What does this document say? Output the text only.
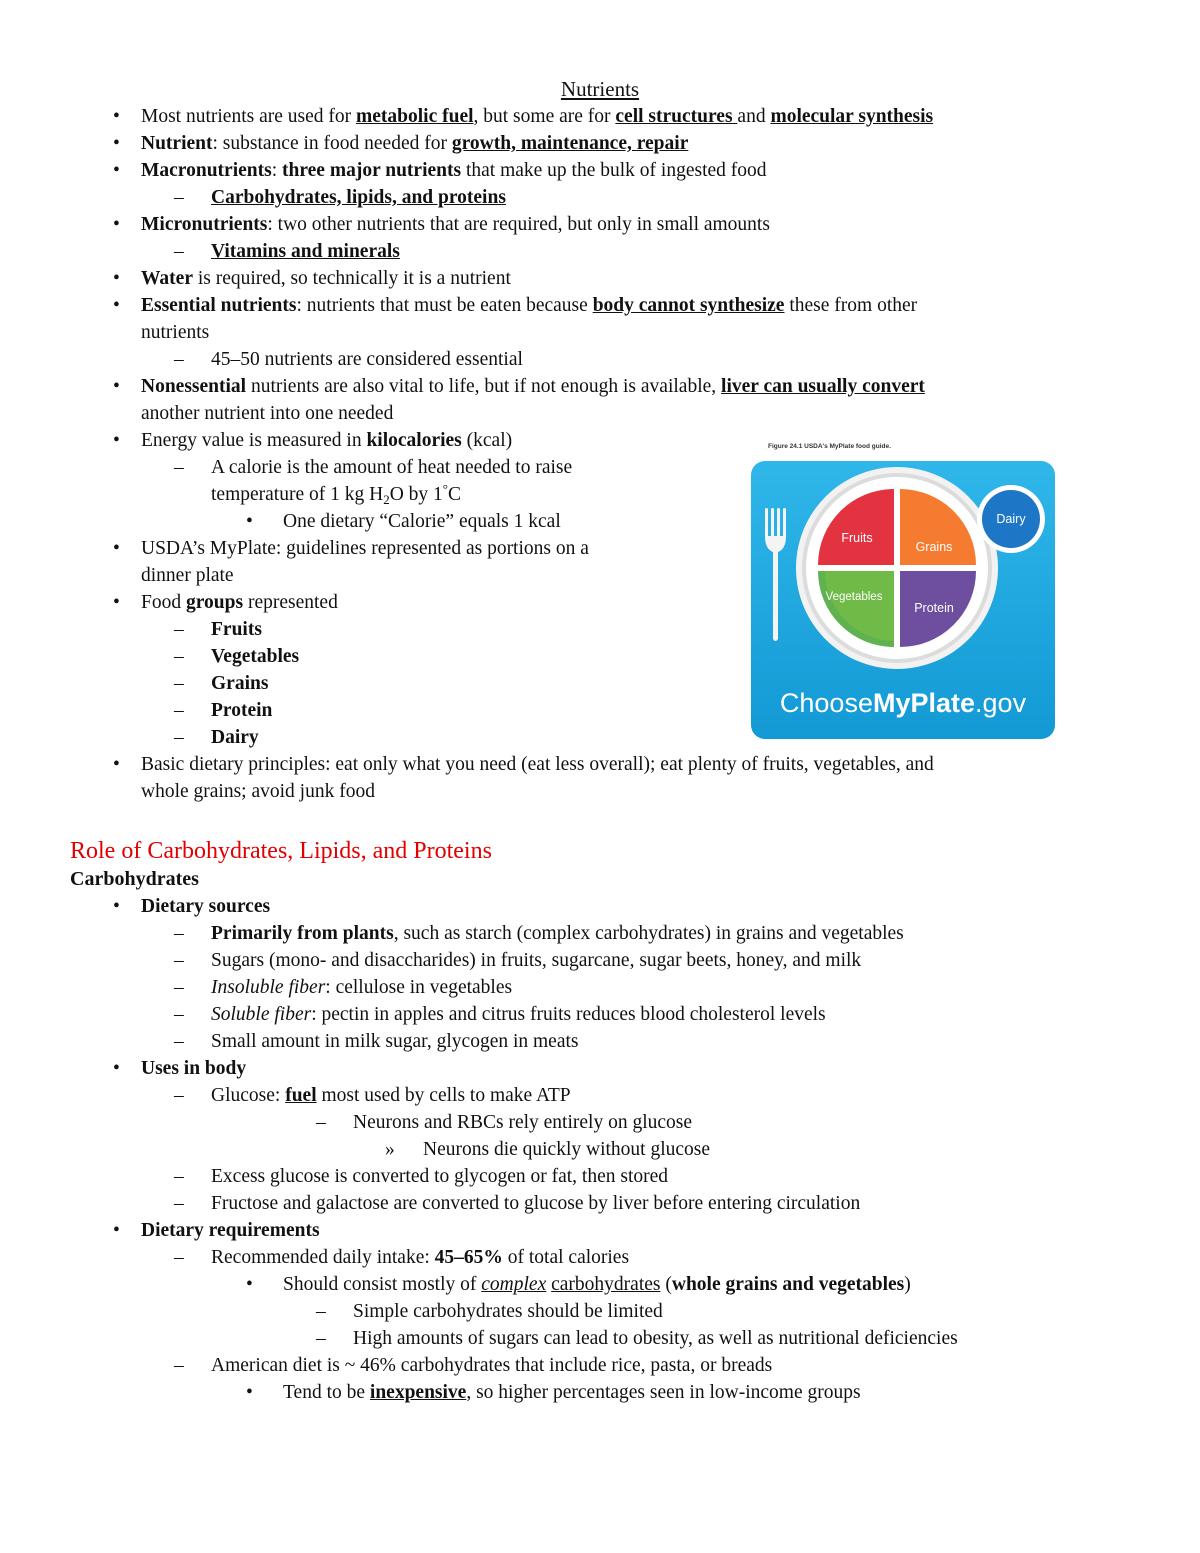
Nutrients
• Most nutrients are used for metabolic fuel, but some are for cell structures and molecular synthesis
• Nutrient: substance in food needed for growth, maintenance, repair
• Macronutrients: three major nutrients that make up the bulk of ingested food
– Carbohydrates, lipids, and proteins
• Micronutrients: two other nutrients that are required, but only in small amounts
– Vitamins and minerals
• Water is required, so technically it is a nutrient
• Essential nutrients: nutrients that must be eaten because body cannot synthesize these from other
nutrients
– 45–50 nutrients are considered essential
• Nonessential nutrients are also vital to life, but if not enough is available, liver can usually convert
another nutrient into one needed
• Energy value is measured in kilocalories (kcal)
– A calorie is the amount of heat needed to raise
temperature of 1 kg $H_2O$ by 1°C
• One dietary “Calorie” equals 1 kcal
• USDA’s MyPlate: guidelines represented as portions on a
dinner plate
• Food groups represented
– Fruits
– Vegetables
– Grains
– Protein
– Dairy
• Basic dietary principles: eat only what you need (eat less overall); eat plenty of fruits, vegetables, and
whole grains; avoid junk food
Role of Carbohydrates, Lipids, and Proteins
Carbohydrates
• Dietary sources
– Primarily from plants, such as starch (complex carbohydrates) in grains and vegetables
– Sugars (mono- and disaccharides) in fruits, sugarcane, sugar beets, honey, and milk
– Insoluble fiber: cellulose in vegetables
– Soluble fiber: pectin in apples and citrus fruits reduces blood cholesterol levels
– Small amount in milk sugar, glycogen in meats
• Uses in body
– Glucose: fuel most used by cells to make ATP
– Neurons and RBCs rely entirely on glucose
» Neurons die quickly without glucose
– Excess glucose is converted to glycogen or fat, then stored
– Fructose and galactose are converted to glucose by liver before entering circulation
• Dietary requirements
– Recommended daily intake: 45–65% of total calories
• Should consist mostly of complex carbohydrates (whole grains and vegetables)
– Simple carbohydrates should be limited
– High amounts of sugars can lead to obesity, as well as nutritional deficiencies
– American diet is ~ 46% carbohydrates that include rice, pasta, or breads
• Tend to be inexpensive, so higher percentages seen in low-income groups
Figure 24.1 USDA's MyPlate food guide.
Fruits
Grains
Vegetables
Protein
Dairy
ChooseMyPlate.gov
